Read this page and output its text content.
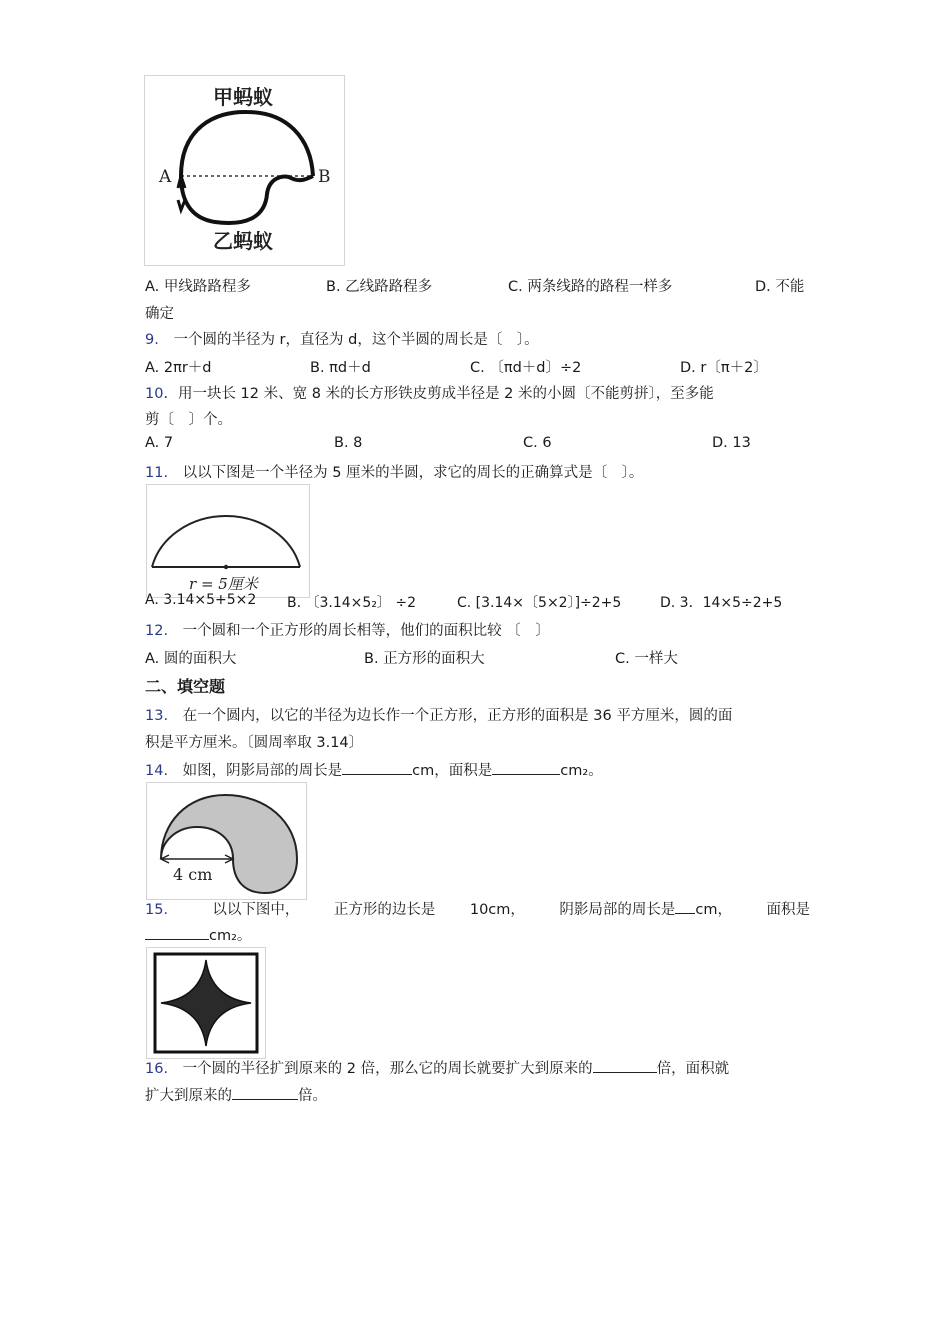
甲蚂蚁
乙蚂蚁
A	B
A. 甲线路路程多	B. 乙线路路程多	C. 两条线路的路程一样多	D. 不能
确定
9. 一个圆的半径为 r，直径为 d，这个半圆的周长是〔　〕。
A. 2πr＋d	B. πd＋d	C. 〔πd＋d〕÷2	D. r〔π＋2〕
10．用一块长 12 米、宽 8 米的长方形铁皮剪成半径是 2 米的小圆〔不能剪拼〕，至多能
剪〔　〕个。
A. 7	B. 8	C. 6	D. 13
11. 以以下图是一个半径为 5 厘米的半圆，求它的周长的正确算式是〔　〕。
r = 5厘米
A. 3.14×5+5×2 B. 〔3.14×5₂〕 ÷2	C. [3.14×〔5×2〕]÷2+5	D. 3．14×5÷2+5
12. 一个圆和一个正方形的周长相等，他们的面积比较 〔　〕
A. 圆的面积大	B. 正方形的面积大	C. 一样大
二、填空题
13. 在一个圆内，以它的半径为边长作一个正方形，正方形的面积是 36 平方厘米，圆的面
积是平方厘米。〔圆周率取 3.14〕
14. 如图，阴影局部的周长是	cm，面积是	cm₂。
4 cm
15． 以以下图中， 正方形的边长是 10cm， 阴影局部的周长是 cm， 面积是
cm₂。
16. 一个圆的半径扩到原来的 2 倍，那么它的周长就要扩大到原来的	倍，面积就
扩大到原来的	倍。
